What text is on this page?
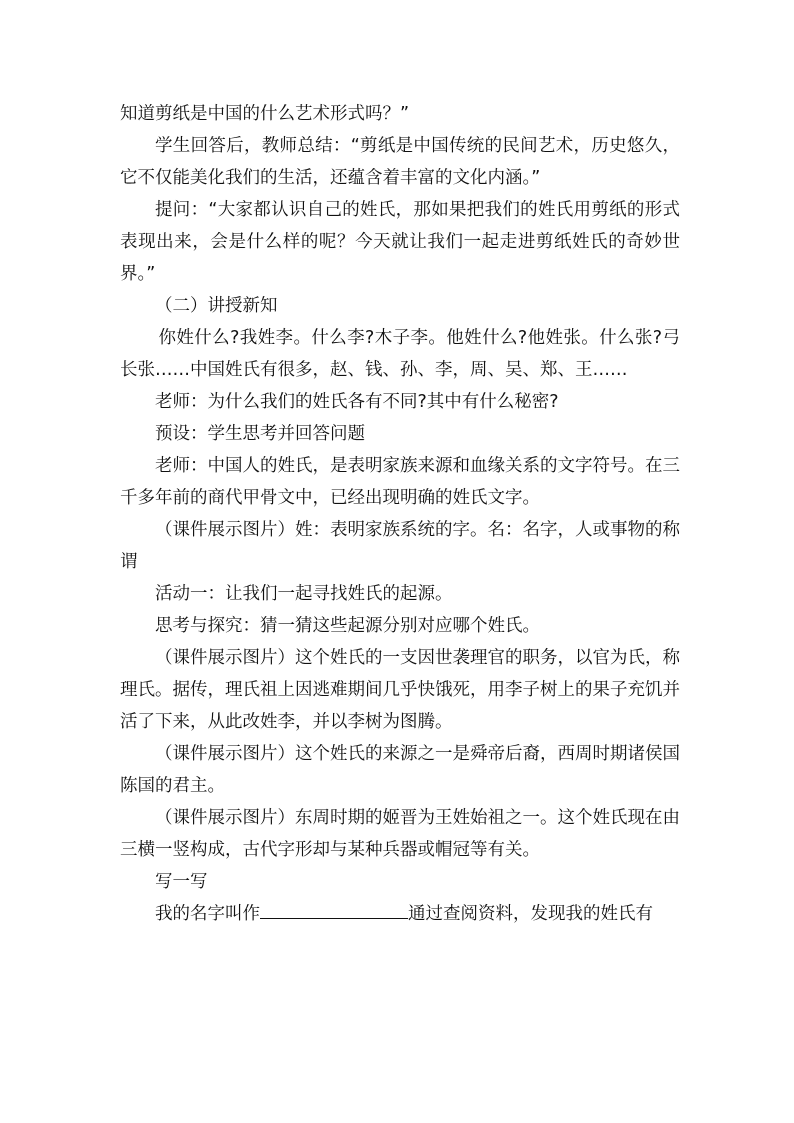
知道剪纸是中国的什么艺术形式吗？”

学生回答后，教师总结：“剪纸是中国传统的民间艺术，历史悠久，它不仅能美化我们的生活，还蕴含着丰富的文化内涵。”

提问：“大家都认识自己的姓氏，那如果把我们的姓氏用剪纸的形式表现出来，会是什么样的呢？今天就让我们一起走进剪纸姓氏的奇妙世界。”

（二）讲授新知

你姓什么?我姓李。什么李?木子李。他姓什么?他姓张。什么张?弓长张……中国姓氏有很多，赵、钱、孙、李，周、吴、郑、王……

老师：为什么我们的姓氏各有不同?其中有什么秘密?

预设：学生思考并回答问题

老师：中国人的姓氏，是表明家族来源和血缘关系的文字符号。在三千多年前的商代甲骨文中，已经出现明确的姓氏文字。

（课件展示图片）姓：表明家族系统的字。名：名字，人或事物的称谓

活动一：让我们一起寻找姓氏的起源。

思考与探究：猜一猜这些起源分别对应哪个姓氏。

（课件展示图片）这个姓氏的一支因世袭理官的职务，以官为氏，称理氏。据传，理氏祖上因逃难期间几乎快饿死，用李子树上的果子充饥并活了下来，从此改姓李，并以李树为图腾。

（课件展示图片）这个姓氏的来源之一是舜帝后裔，西周时期诸侯国陈国的君主。

（课件展示图片）东周时期的姬晋为王姓始祖之一。这个姓氏现在由三横一竖构成，古代字形却与某种兵器或帽冠等有关。

写一写

我的名字叫作	通过查阅资料，发现我的姓氏有
